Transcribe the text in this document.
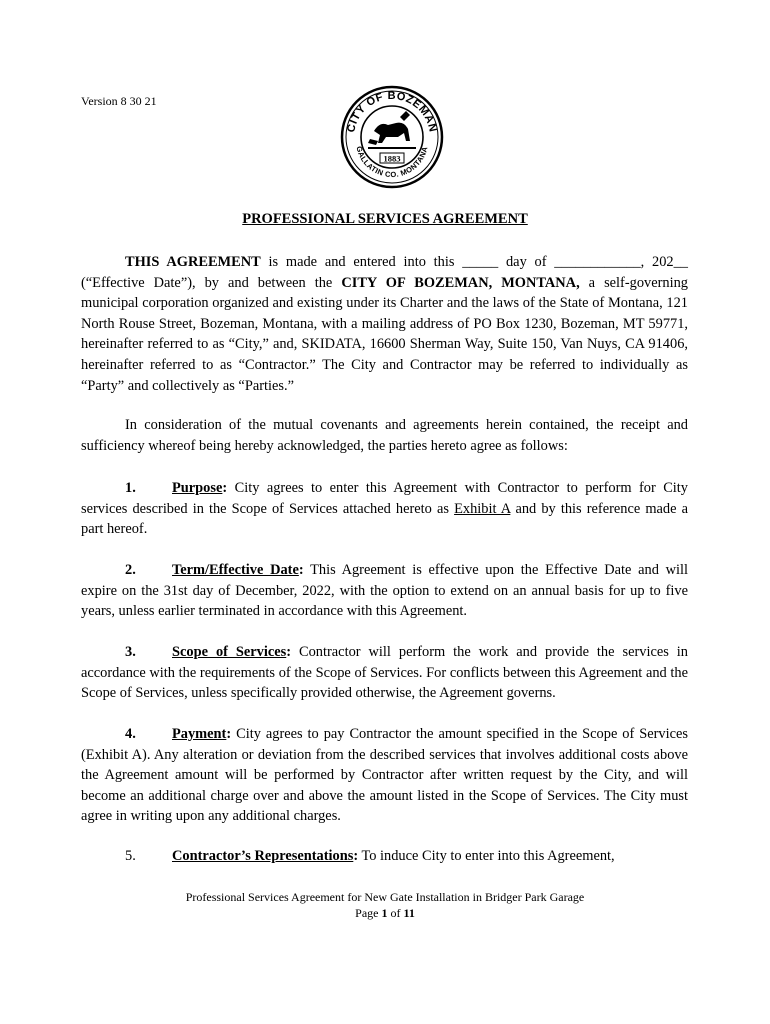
Version 8 30 21
CITY OF BOZEMAN
GALLATIN CO. MONTANA
1883
PROFESSIONAL SERVICES AGREEMENT
THIS AGREEMENT is made and entered into this _____ day of ____________, 202__ (“Effective Date”), by and between the CITY OF BOZEMAN, MONTANA, a self-governing municipal corporation organized and existing under its Charter and the laws of the State of Montana, 121 North Rouse Street, Bozeman, Montana, with a mailing address of PO Box 1230, Bozeman, MT 59771, hereinafter referred to as “City,” and, SKIDATA, 16600 Sherman Way, Suite 150, Van Nuys, CA 91406, hereinafter referred to as “Contractor.” The City and Contractor may be referred to individually as “Party” and collectively as “Parties.”
In consideration of the mutual covenants and agreements herein contained, the receipt and sufficiency whereof being hereby acknowledged, the parties hereto agree as follows:
1.	Purpose: City agrees to enter this Agreement with Contractor to perform for City services described in the Scope of Services attached hereto as Exhibit A and by this reference made a part hereof.
2.	Term/Effective Date: This Agreement is effective upon the Effective Date and will expire on the 31st day of December, 2022, with the option to extend on an annual basis for up to five years, unless earlier terminated in accordance with this Agreement.
3.	Scope of Services: Contractor will perform the work and provide the services in accordance with the requirements of the Scope of Services. For conflicts between this Agreement and the Scope of Services, unless specifically provided otherwise, the Agreement governs.
4.	Payment: City agrees to pay Contractor the amount specified in the Scope of Services (Exhibit A). Any alteration or deviation from the described services that involves additional costs above the Agreement amount will be performed by Contractor after written request by the City, and will become an additional charge over and above the amount listed in the Scope of Services. The City must agree in writing upon any additional charges.
5.	Contractor’s Representations: To induce City to enter into this Agreement,
Professional Services Agreement for New Gate Installation in Bridger Park Garage
Page 1 of 11
